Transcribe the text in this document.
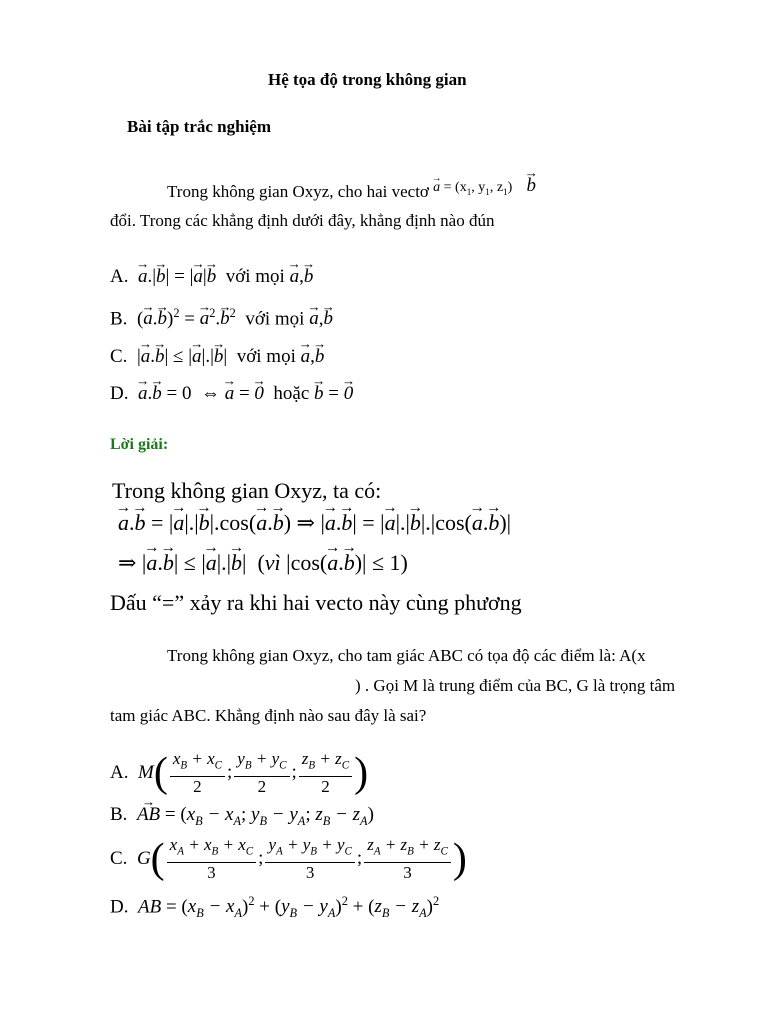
Hệ tọa độ trong không gian
Bài tập trắc nghiệm
Trong không gian Oxyz, cho hai vectơ → $^{a = (x_1, y_1, z_1)}$ → b
đổi. Trong các khẳng định dưới đây, khẳng định nào đún
A. → a.|→ b| = |→ a|→ b với mọi → a,→ b
B.  (→ a.→ b)$^2$ = → $a^2.\to b^2$ với mọi → a,→ b
C.  |→ a.→ b| ≤ |→ a|.|→ b|  với mọi → a,→ b
D. → a.→ b = 0  ⇔ → a = → 0 hoặc → b = → 0
Lời giải:
Trong không gian Oxyz, ta có:
→ a.→ b = |→ a|.|→ b|.cos(→ a.→ b) ⇒ |→ a.→ b| = |→ a|.|→ b|.|cos(→ a.→ b)|
⇒ |→ a.→ b| ≤ |→ a|.|→ b|  (vì |cos(→ a.→ b)| ≤ 1)
Dấu “=” xảy ra khi hai vecto này cùng phương
Trong không gian Oxyz, cho tam giác ABC có tọa độ các điểm là: A(x
) . Gọi M là trung điểm của BC, G là trọng tâm
tam giác ABC. Khẳng định nào sau đây là sai?
A. $M( \frac{x_B + x_C}{2}$ ; $\frac{y_B + y_C}{2}$ ; $\frac{z_B + z_C}{2}$ )
B. → AB = ($x_B - x_A$; $y_B - y_A$; $z_B - z_A$)
C. $G( \frac{x_A + x_B + x_C}{3}$ ; $\frac{y_A + y_B + y_C}{3}$ ; $\frac{z_A + z_B + z_C}{3}$ )
D. AB = $(x_B - x_A)^2 + (y_B - y_A)^2 + (z_B - z_A)^2$
